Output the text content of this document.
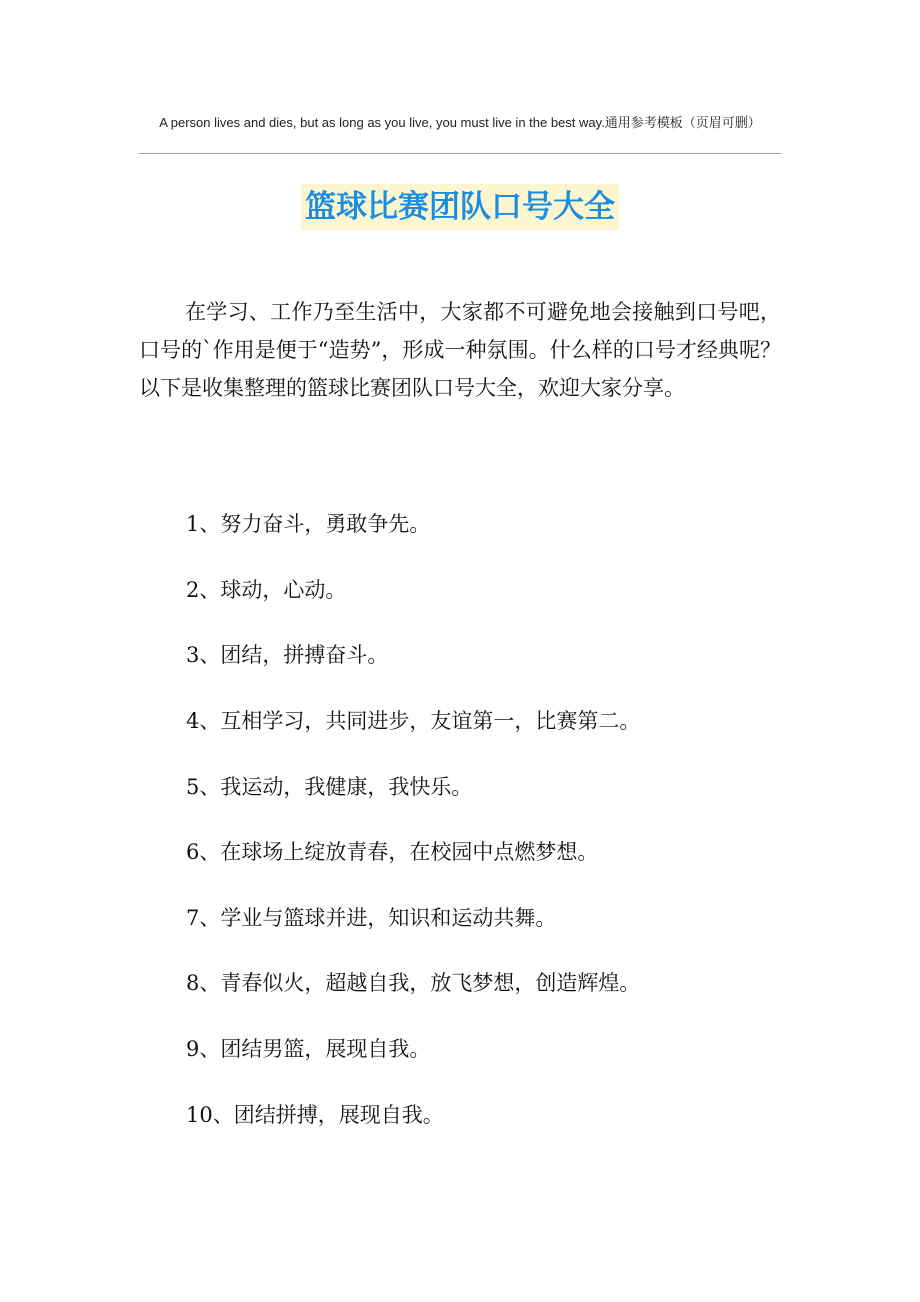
A person lives and dies, but as long as you live, you must live in the best way.通用参考模板（页眉可删）
篮球比赛团队口号大全

在学习、工作乃至生活中，大家都不可避免地会接触到口号吧，口号的`作用是便于“造势”，形成一种氛围。什么样的口号才经典呢？以下是收集整理的篮球比赛团队口号大全，欢迎大家分享。

1、努力奋斗，勇敢争先。

2、球动，心动。

3、团结，拼搏奋斗。

4、互相学习，共同进步，友谊第一，比赛第二。

5、我运动，我健康，我快乐。

6、在球场上绽放青春，在校园中点燃梦想。

7、学业与篮球并进，知识和运动共舞。

8、青春似火，超越自我，放飞梦想，创造辉煌。

9、团结男篮，展现自我。

10、团结拼搏，展现自我。
